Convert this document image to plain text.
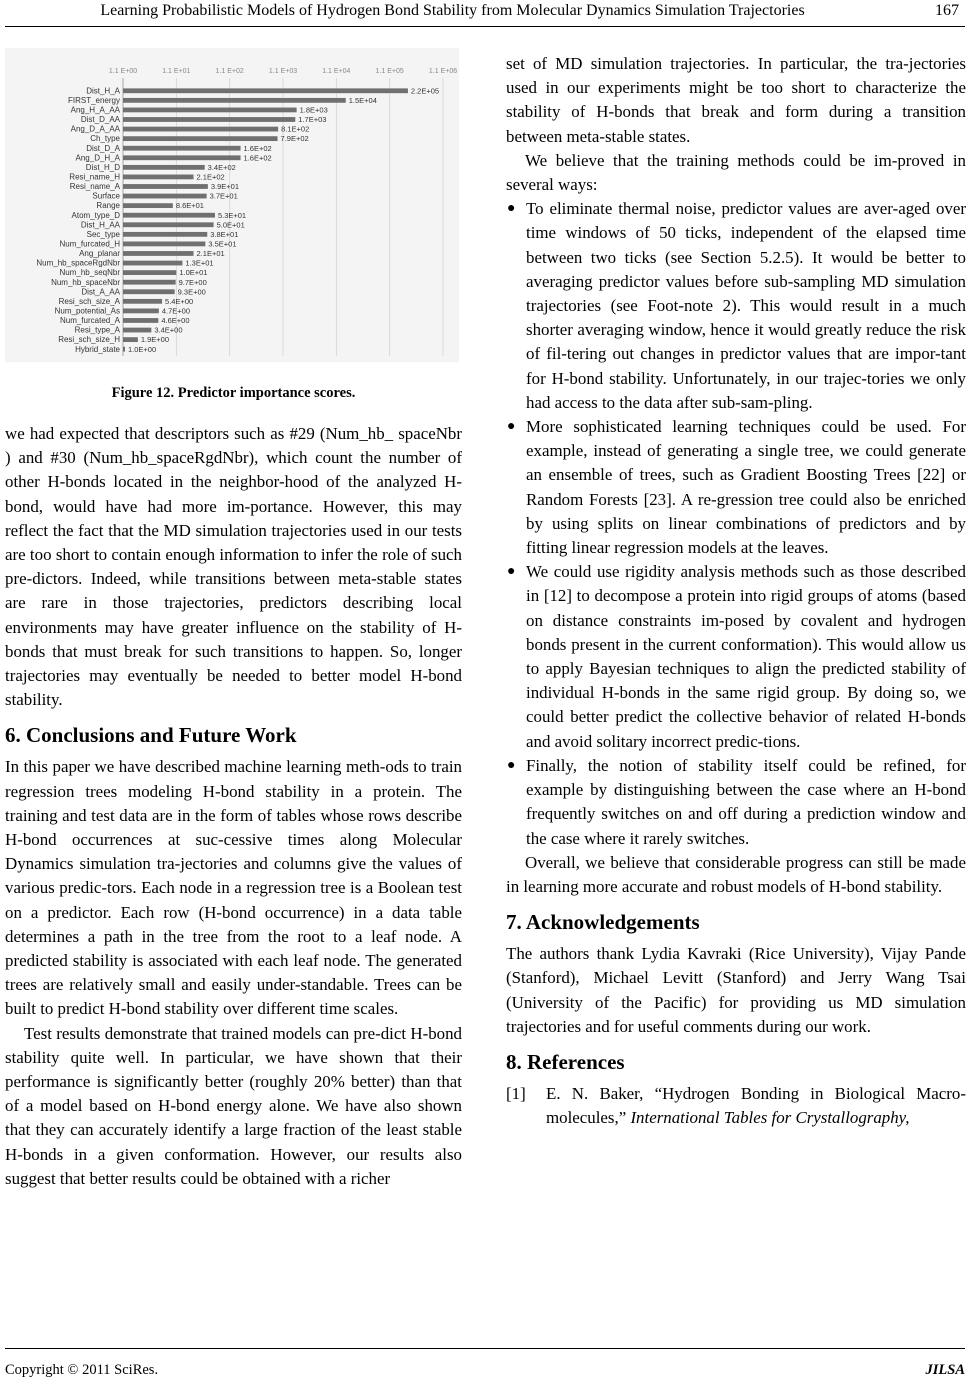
Learning Probabilistic Models of Hydrogen Bond Stability from Molecular Dynamics Simulation Trajectories	167
1.1 E+00	1.1 E+01	1.1 E+02	1.1 E+03	1.1 E+04	1.1 E+05	1.1 E+06
Dist_H_A	2.2E+05
FIRST_energy	1.5E+04
Ang_H_A_AA	1.8E+03
Dist_D_AA	1.7E+03
Ang_D_A_AA	8.1E+02
Ch_type	7.9E+02
Dist_D_A	1.6E+02
Ang_D_H_A	1.6E+02
Dist_H_D	3.4E+02
Resi_name_H	2.1E+02
Resi_name_A	3.9E+01
Surface	3.7E+01
Range	8.6E+01
Atom_type_D	5.3E+01
Dist_H_AA	5.0E+01
Sec_type	3.8E+01
Num_furcated_H	3.5E+01
Ang_planar	2.1E+01
Num_hb_spaceRgdNbr	1.3E+01
Num_hb_seqNbr	1.0E+01
Num_hb_spaceNbr	9.7E+00
Dist_A_AA	9.3E+00
Resi_sch_size_A	5.4E+00
Num_potential_As	4.7E+00
Num_furcated_A	4.6E+00
Resi_type_A	3.4E+00
Resi_sch_size_H	1.9E+00
Hybrid_state 1.0E+00
Figure 12. Predictor importance scores.

we had expected that descriptors such as #29 (Num_hb_ spaceNbr ) and #30 (Num_hb_spaceRgdNbr), which count the number of other H-bonds located in the neighbor-hood of the analyzed H-bond, would have had more im-portance. However, this may reflect the fact that the MD simulation trajectories used in our tests are too short to contain enough information to infer the role of such pre-dictors. Indeed, while transitions between meta-stable states are rare in those trajectories, predictors describing local environments may have greater influence on the stability of H-bonds that must break for such transitions to happen. So, longer trajectories may eventually be needed to better model H-bond stability.

6. Conclusions and Future Work

In this paper we have described machine learning meth-ods to train regression trees modeling H-bond stability in a protein. The training and test data are in the form of tables whose rows describe H-bond occurrences at suc-cessive times along Molecular Dynamics simulation tra-jectories and columns give the values of various predic-tors. Each node in a regression tree is a Boolean test on a predictor. Each row (H-bond occurrence) in a data table determines a path in the tree from the root to a leaf node. A predicted stability is associated with each leaf node. The generated trees are relatively small and easily under-standable. Trees can be built to predict H-bond stability over different time scales.

Test results demonstrate that trained models can pre-dict H-bond stability quite well. In particular, we have shown that their performance is significantly better (roughly 20% better) than that of a model based on H-bond energy alone. We have also shown that they can accurately identify a large fraction of the least stable H-bonds in a given conformation. However, our results also suggest that better results could be obtained with a richer

set of MD simulation trajectories. In particular, the tra-jectories used in our experiments might be too short to characterize the stability of H-bonds that break and form during a transition between meta-stable states.

We believe that the training methods could be im-proved in several ways:

● To eliminate thermal noise, predictor values are aver-aged over time windows of 50 ticks, independent of the elapsed time between two ticks (see Section 5.2.5). It would be better to averaging predictor values before sub-sampling MD simulation trajectories (see Foot-note 2). This would result in a much shorter averaging window, hence it would greatly reduce the risk of fil-tering out changes in predictor values that are impor-tant for H-bond stability. Unfortunately, in our trajec-tories we only had access to the data after sub-sam-pling.
● More sophisticated learning techniques could be used. For example, instead of generating a single tree, we could generate an ensemble of trees, such as Gradient Boosting Trees [22] or Random Forests [23]. A re-gression tree could also be enriched by using splits on linear combinations of predictors and by fitting linear regression models at the leaves.
● We could use rigidity analysis methods such as those described in [12] to decompose a protein into rigid groups of atoms (based on distance constraints im-posed by covalent and hydrogen bonds present in the current conformation). This would allow us to apply Bayesian techniques to align the predicted stability of individual H-bonds in the same rigid group. By doing so, we could better predict the collective behavior of related H-bonds and avoid solitary incorrect predic-tions.
● Finally, the notion of stability itself could be refined, for example by distinguishing between the case where an H-bond frequently switches on and off during a prediction window and the case where it rarely switches.

Overall, we believe that considerable progress can still be made in learning more accurate and robust models of H-bond stability.

7. Acknowledgements

The authors thank Lydia Kavraki (Rice University), Vijay Pande (Stanford), Michael Levitt (Stanford) and Jerry Wang Tsai (University of the Pacific) for providing us MD simulation trajectories and for useful comments during our work.

8. References
[1] E. N. Baker, “Hydrogen Bonding in Biological Macro-molecules,” International Tables for Crystallography,
Copyright © 2011 SciRes.	JILSA
